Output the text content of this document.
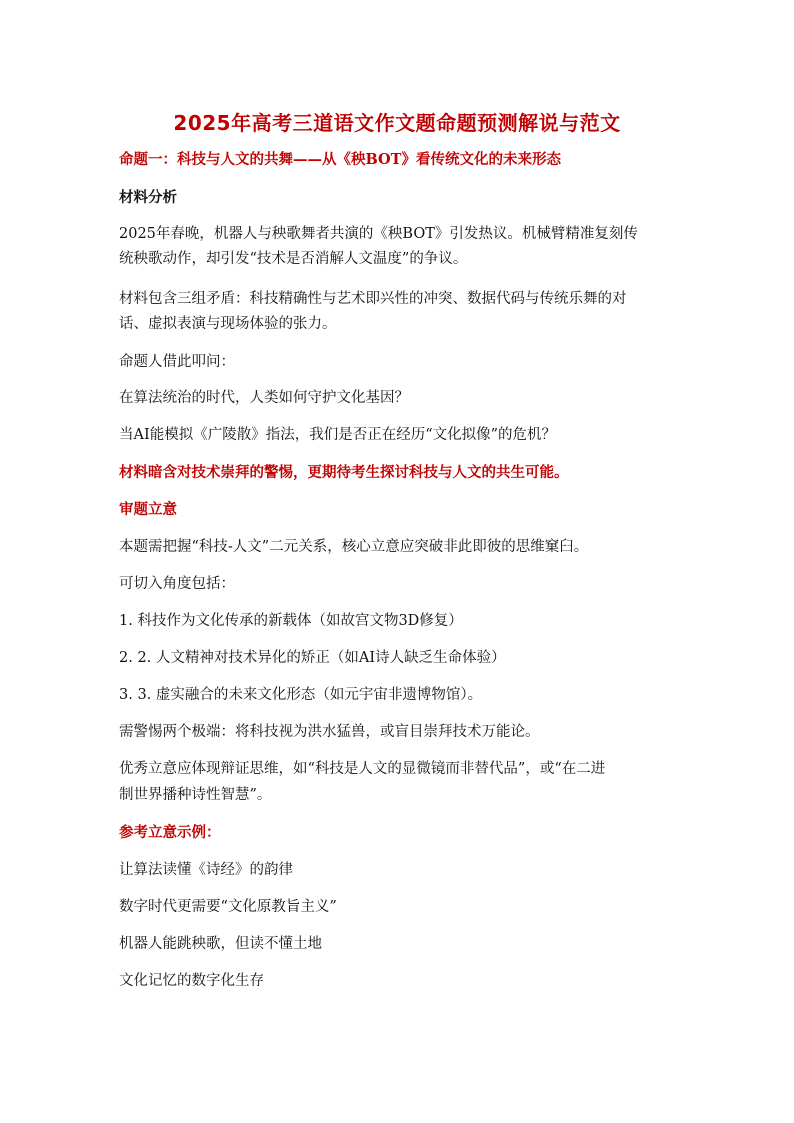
2025年高考三道语文作文题命题预测解说与范文
命题一：科技与人文的共舞——从《秧BOT》看传统文化的未来形态
材料分析
2025年春晚，机器人与秧歌舞者共演的《秧BOT》引发热议。机械臂精准复刻传
统秧歌动作，却引发“技术是否消解人文温度”的争议。
材料包含三组矛盾：科技精确性与艺术即兴性的冲突、数据代码与传统乐舞的对
话、虚拟表演与现场体验的张力。
命题人借此叩问：
在算法统治的时代，人类如何守护文化基因？
当AI能模拟《广陵散》指法，我们是否正在经历“文化拟像”的危机？
材料暗含对技术崇拜的警惕，更期待考生探讨科技与人文的共生可能。
审题立意
本题需把握“科技-人文”二元关系，核心立意应突破非此即彼的思维窠臼。
可切入角度包括：
1. 科技作为文化传承的新载体（如故宫文物3D修复）
2. 2. 人文精神对技术异化的矫正（如AI诗人缺乏生命体验）
3. 3. 虚实融合的未来文化形态（如元宇宙非遗博物馆）。
需警惕两个极端：将科技视为洪水猛兽，或盲目崇拜技术万能论。
优秀立意应体现辩证思维，如“科技是人文的显微镜而非替代品”，或“在二进
制世界播种诗性智慧”。
参考立意示例：
让算法读懂《诗经》的韵律
数字时代更需要“文化原教旨主义”
机器人能跳秧歌，但读不懂土地
文化记忆的数字化生存
